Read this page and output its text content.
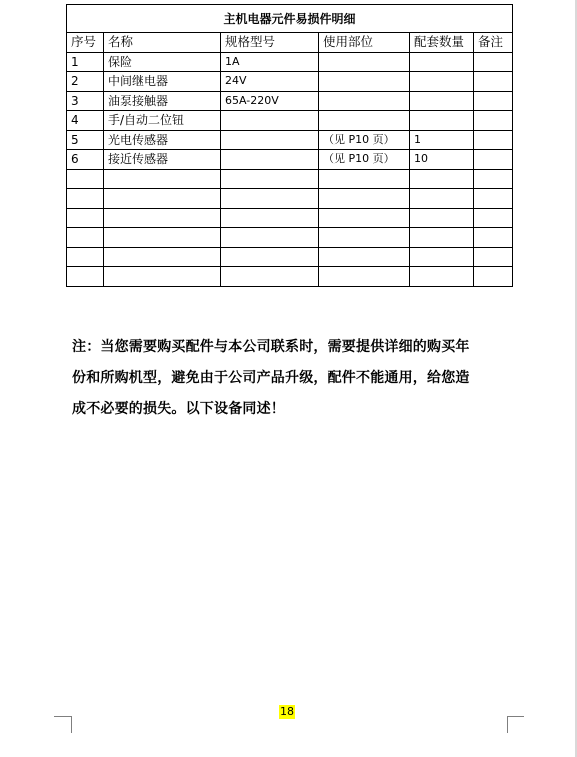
主机电器元件易损件明细					
序号	名称	规格型号	使用部位	配套数量	备注
1	保险	1A			
2	中间继电器	24V			
3	油泵接触器	65A-220V			
4	手/自动二位钮				
5	光电传感器		（见 P10 页）	1	
6	接近传感器		（见 P10 页）	10	

注：当您需要购买配件与本公司联系时，需要提供详细的购买年
份和所购机型，避免由于公司产品升级，配件不能通用，给您造
成不必要的损失。以下设备同述！
18
